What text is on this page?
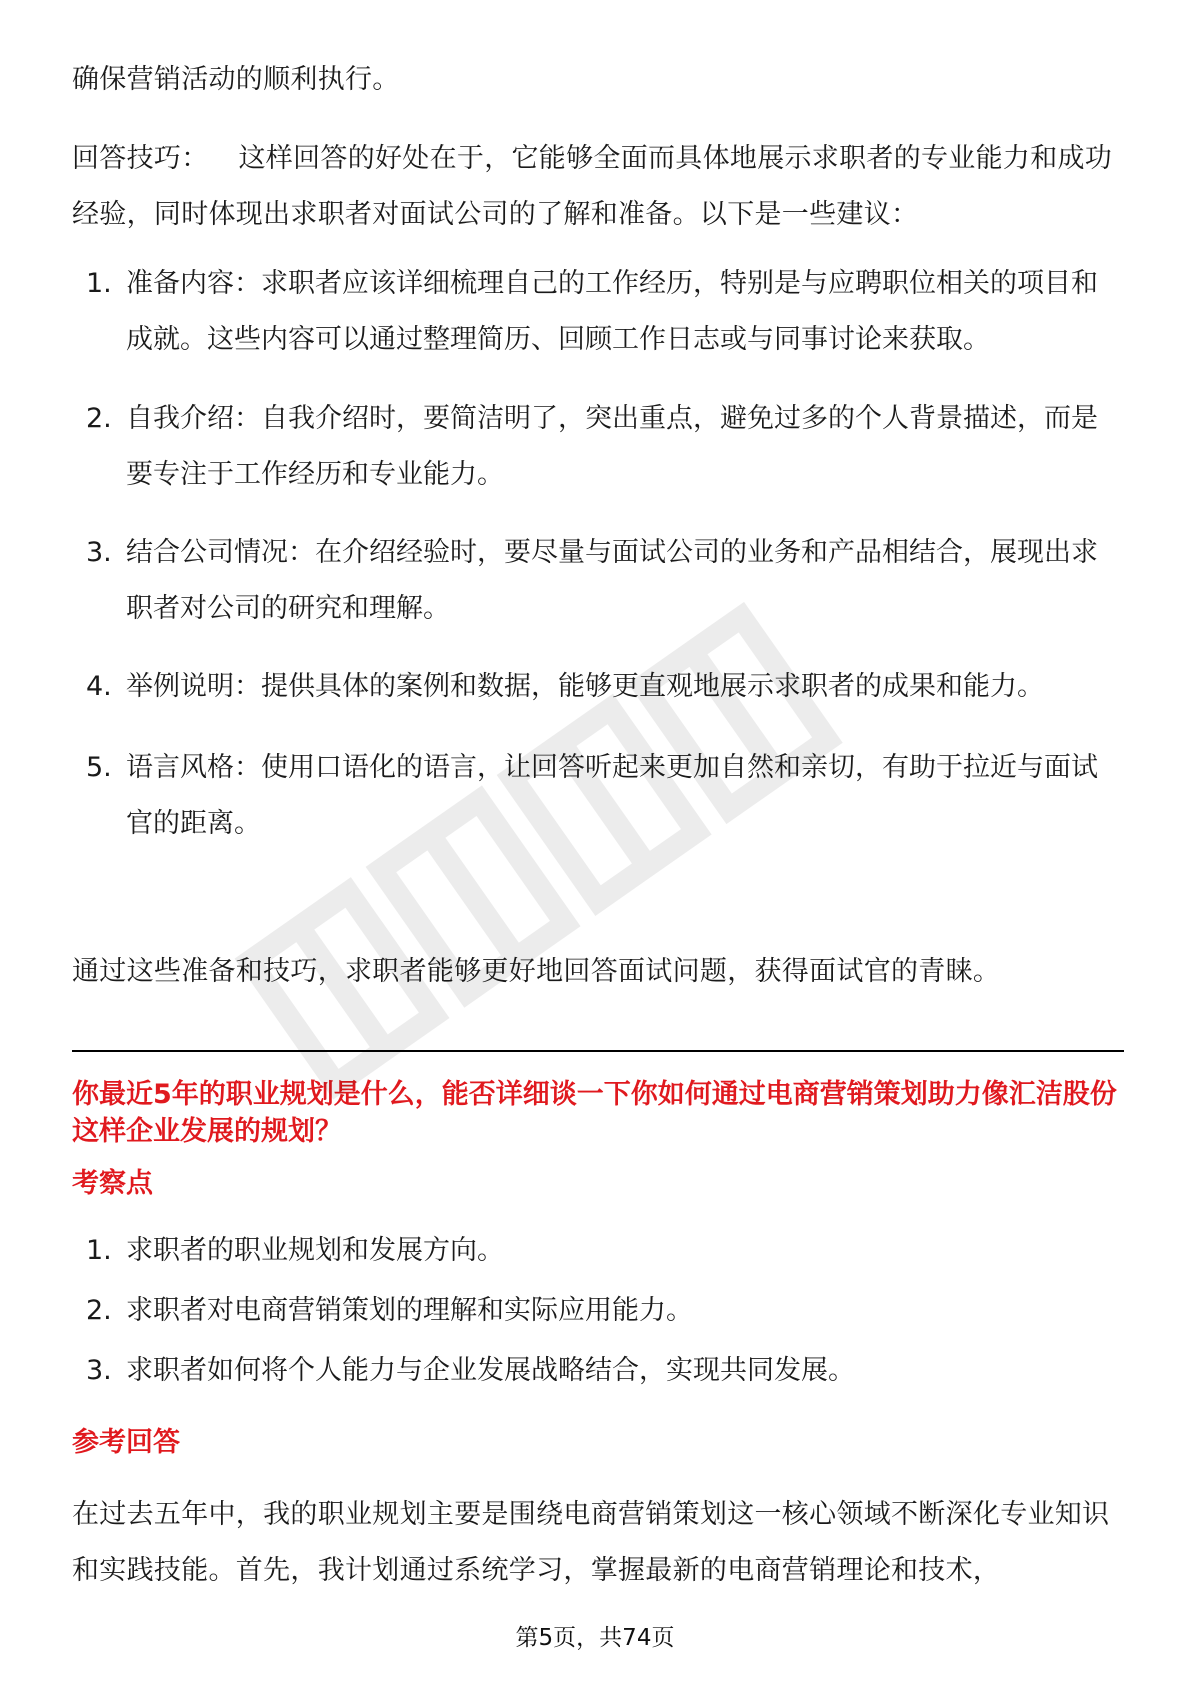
确保营销活动的顺利执行。
回答技巧： 这样回答的好处在于，它能够全面而具体地展示求职者的专业能力和成功经验，同时体现出求职者对面试公司的了解和准备。以下是一些建议：
1. 准备内容：求职者应该详细梳理自己的工作经历，特别是与应聘职位相关的项目和成就。这些内容可以通过整理简历、回顾工作日志或与同事讨论来获取。
2. 自我介绍：自我介绍时，要简洁明了，突出重点，避免过多的个人背景描述，而是要专注于工作经历和专业能力。
3. 结合公司情况：在介绍经验时，要尽量与面试公司的业务和产品相结合，展现出求职者对公司的研究和理解。
4. 举例说明：提供具体的案例和数据，能够更直观地展示求职者的成果和能力。
5. 语言风格：使用口语化的语言，让回答听起来更加自然和亲切，有助于拉近与面试官的距离。
通过这些准备和技巧，求职者能够更好地回答面试问题，获得面试官的青睐。
你最近5年的职业规划是什么，能否详细谈一下你如何通过电商营销策划助力像汇洁股份这样企业发展的规划？
考察点
1. 求职者的职业规划和发展方向。
2. 求职者对电商营销策划的理解和实际应用能力。
3. 求职者如何将个人能力与企业发展战略结合，实现共同发展。
参考回答
在过去五年中，我的职业规划主要是围绕电商营销策划这一核心领域不断深化专业知识和实践技能。首先，我计划通过系统学习，掌握最新的电商营销理论和技术，
第5页，共74页
